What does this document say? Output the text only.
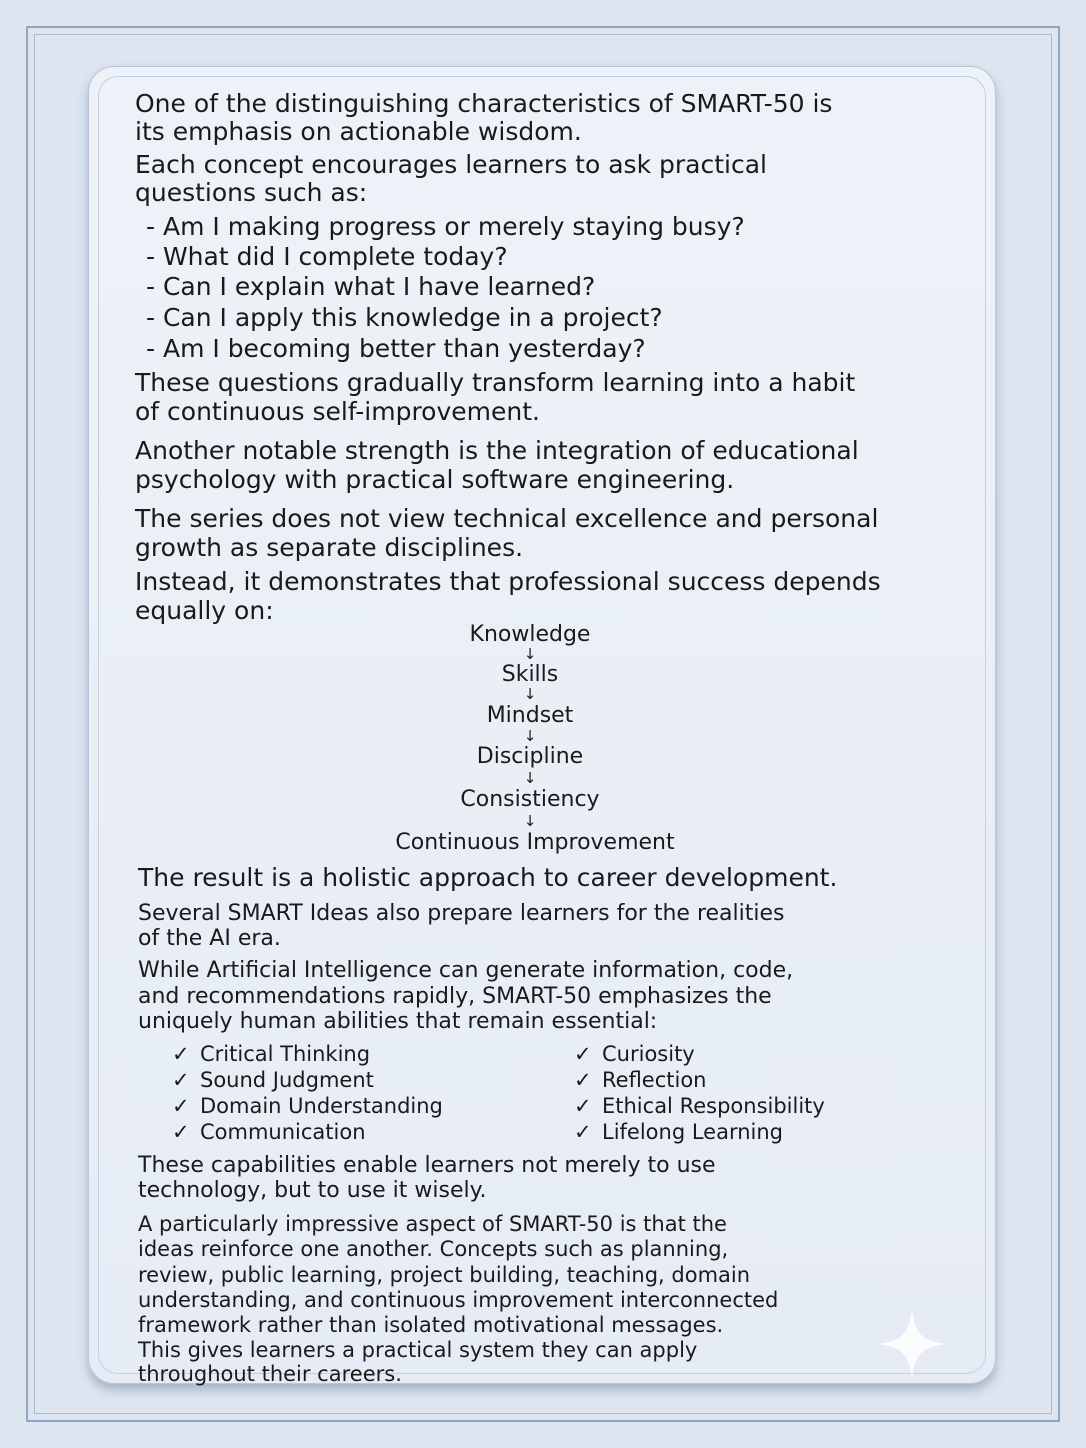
One of the distinguishing characteristics of SMART-50 is

its emphasis on actionable wisdom.

Each concept encourages learners to ask practical

questions such as:

- Am I making progress or merely staying busy?

- What did I complete today?

- Can I explain what I have learned?

- Can I apply this knowledge in a project?

- Am I becoming better than yesterday?

These questions gradually transform learning into a habit

of continuous self-improvement.

Another notable strength is the integration of educational

psychology with practical software engineering.

The series does not view technical excellence and personal

growth as separate disciplines.

Instead, it demonstrates that professional success depends

equally on:

Knowledge

↓

Skills

↓

Mindset

↓

Discipline

↓

Consistiency

↓

Continuous Improvement

The result is a holistic approach to career development.

Several SMART Ideas also prepare learners for the realities

of the AI era.

While Artificial Intelligence can generate information, code,

and recommendations rapidly, SMART-50 emphasizes the

uniquely human abilities that remain essential:

✓ Critical Thinking
✓ Sound Judgment
✓ Domain Understanding
✓ Communication
✓ Curiosity
✓ Reflection
✓ Ethical Responsibility
✓ Lifelong Learning

These capabilities enable learners not merely to use

technology, but to use it wisely.

A particularly impressive aspect of SMART-50 is that the

ideas reinforce one another. Concepts such as planning,

review, public learning, project building, teaching, domain

understanding, and continuous improvement interconnected

framework rather than isolated motivational messages.

This gives learners a practical system they can apply

throughout their careers.
